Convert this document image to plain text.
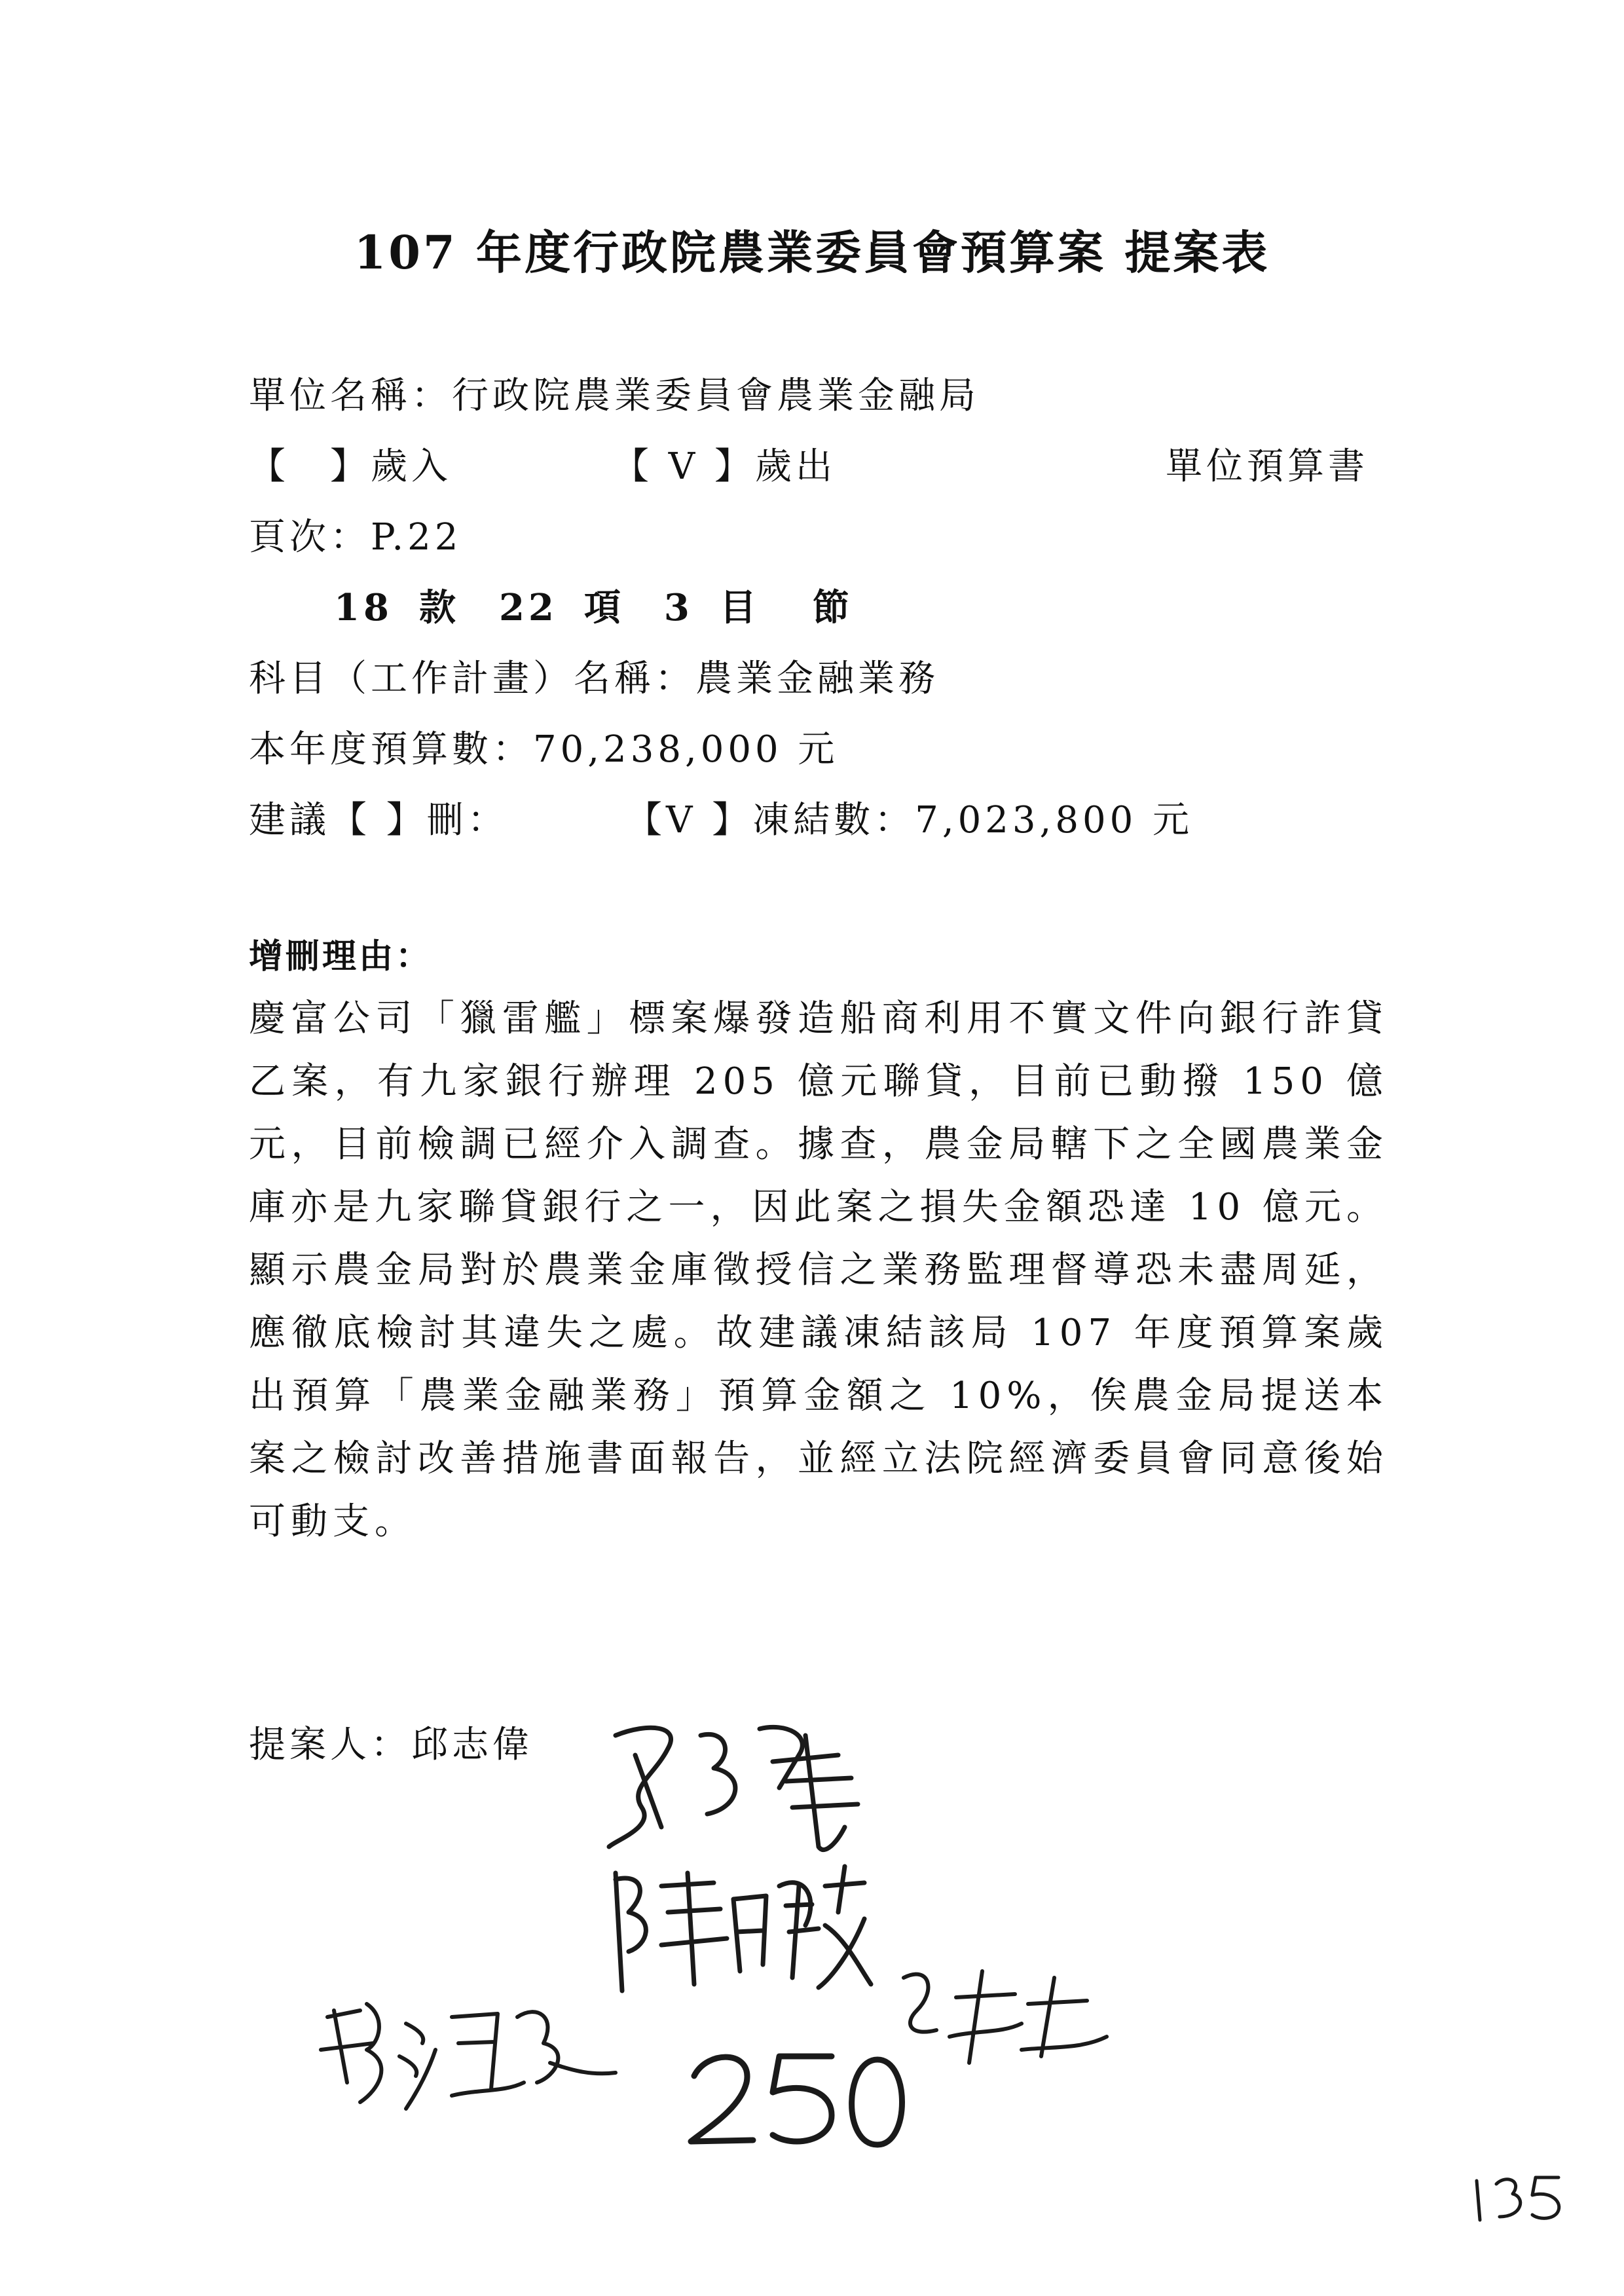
107 年度行政院農業委員會預算案 提案表
單位名稱：行政院農業委員會農業金融局
【　】歲入	【 V 】歲出	單位預算書
頁次：P.22
18 款 22 項 3 目 節
科目（工作計畫）名稱：農業金融業務
本年度預算數：70,238,000 元
建議【 】刪：	【V 】凍結數：7,023,800 元
增刪理由：
慶富公司「獵雷艦」標案爆發造船商利用不實文件向銀行詐貸乙案，有九家銀行辦理 205 億元聯貸，目前已動撥 150 億元，目前檢調已經介入調查。據查，農金局轄下之全國農業金庫亦是九家聯貸銀行之一，因此案之損失金額恐達 10 億元。顯示農金局對於農業金庫徵授信之業務監理督導恐未盡周延，應徹底檢討其違失之處。故建議凍結該局 107 年度預算案歲出預算「農業金融業務」預算金額之 10%，俟農金局提送本案之檢討改善措施書面報告，並經立法院經濟委員會同意後始可動支。
提案人：邱志偉
